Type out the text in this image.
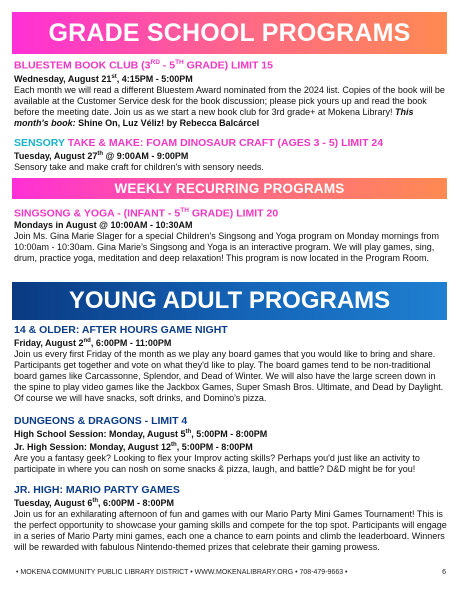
GRADE SCHOOL PROGRAMS
BLUESTEM BOOK CLUB (3RD - 5TH GRADE) LIMIT 15
Wednesday, August 21st, 4:15PM - 5:00PM
Each month we will read a different Bluestem Award nominated from the 2024 list. Copies of the book will be available at the Customer Service desk for the book discussion; please pick yours up and read the book before the meeting date. Join us as we start a new book club for 3rd grade+ at Mokena Library! This month's book: Shine On, Luz Véliz! by Rebecca Balcárcel
SENSORY TAKE & MAKE: FOAM DINOSAUR CRAFT (AGES 3 - 5) LIMIT 24
Tuesday, August 27th @ 9:00AM - 9:00PM
Sensory take and make craft for children's with sensory needs.
WEEKLY RECURRING PROGRAMS
SINGSONG & YOGA - (INFANT - 5TH GRADE) LIMIT 20
Mondays in August @ 10:00AM - 10:30AM
Join Ms. Gina Marie Slager for a special Children's Singsong and Yoga program on Monday mornings from 10:00am - 10:30am. Gina Marie's Singsong and Yoga is an interactive program. We will play games, sing, drum, practice yoga, meditation and deep relaxation! This program is now located in the Program Room.
YOUNG ADULT PROGRAMS
14 & OLDER: AFTER HOURS GAME NIGHT
Friday, August 2nd, 6:00PM - 11:00PM
Join us every first Friday of the month as we play any board games that you would like to bring and share. Participants get together and vote on what they'd like to play. The board games tend to be non-traditional board games like Carcassonne, Splendor, and Dead of Winter. We will also have the large screen down in the spine to play video games like the Jackbox Games, Super Smash Bros. Ultimate, and Dead by Daylight. Of course we will have snacks, soft drinks, and Domino's pizza.
DUNGEONS & DRAGONS - LIMIT 4
High School Session: Monday, August 5th, 5:00PM - 8:00PM
Jr. High Session: Monday, August 12th, 5:00PM - 8:00PM
Are you a fantasy geek? Looking to flex your Improv acting skills? Perhaps you'd just like an activity to participate in where you can nosh on some snacks & pizza, laugh, and battle? D&D might be for you!
JR. HIGH: MARIO PARTY GAMES
Tuesday, August 6th, 6:00PM - 8:00PM
Join us for an exhilarating afternoon of fun and games with our Mario Party Mini Games Tournament! This is the perfect opportunity to showcase your gaming skills and compete for the top spot. Participants will engage in a series of Mario Party mini games, each one a chance to earn points and climb the leaderboard. Winners will be rewarded with fabulous Nintendo-themed prizes that celebrate their gaming prowess.
• MOKENA COMMUNITY PUBLIC LIBRARY DISTRICT • WWW.MOKENALIBRARY.ORG • 708-479-9663 •	6
